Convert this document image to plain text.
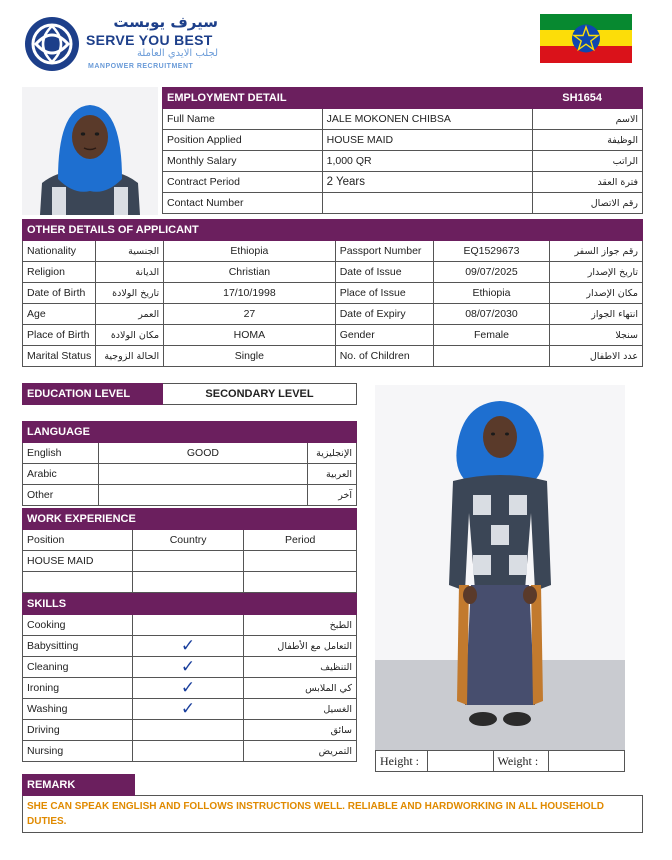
سيرف يوبست
SERVE YOU BEST
لجلب الايدي العاملة
MANPOWER RECRUITMENT
EMPLOYMENT DETAIL SH1654		

Full Name	JALE MOKONEN CHIBSA	الاسم
Position Applied	HOUSE MAID	الوظيفة
Monthly Salary	1,000 QR	الراتب
Contract Period	2 Years	فترة العقد
Contact Number		رقم الاتصال
OTHER DETAILS OF APPLICANT					
Nationality	الجنسية	Ethiopia	Passport Number	EQ1529673	رقم جواز السفر
Religion	الديانة	Christian	Date of Issue	09/07/2025	تاريخ الإصدار
Date of Birth	تاريخ الولادة	17/10/1998	Place of Issue	Ethiopia	مكان الإصدار
Age	العمر	27	Date of Expiry	08/07/2030	انتهاء الجواز
Place of Birth	مكان الولادة	HOMA	Gender	Female	سنجلا
Marital Status	الحالة الزوجية	Single	No. of Children		عدد الاطفال
EDUCATION LEVEL	SECONDARY LEVEL
LANGUAGE		
English	GOOD	الإنجليزية
Arabic		العربية
Other		آخر
WORK EXPERIENCE		
Position	Country	Period
HOUSE MAID		

SKILLS		
Cooking		الطبخ
Babysitting	✓	التعامل مع الأطفال
Cleaning	✓	التنظيف
Ironing	✓	كي الملابس
Washing	✓	الغسيل
Driving		سائق
Nursing		التمريض
Height :		Weight :	
REMARK	
SHE CAN SPEAK ENGLISH AND FOLLOWS INSTRUCTIONS WELL. RELIABLE AND HARDWORKING IN ALL HOUSEHOLD DUTIES.
